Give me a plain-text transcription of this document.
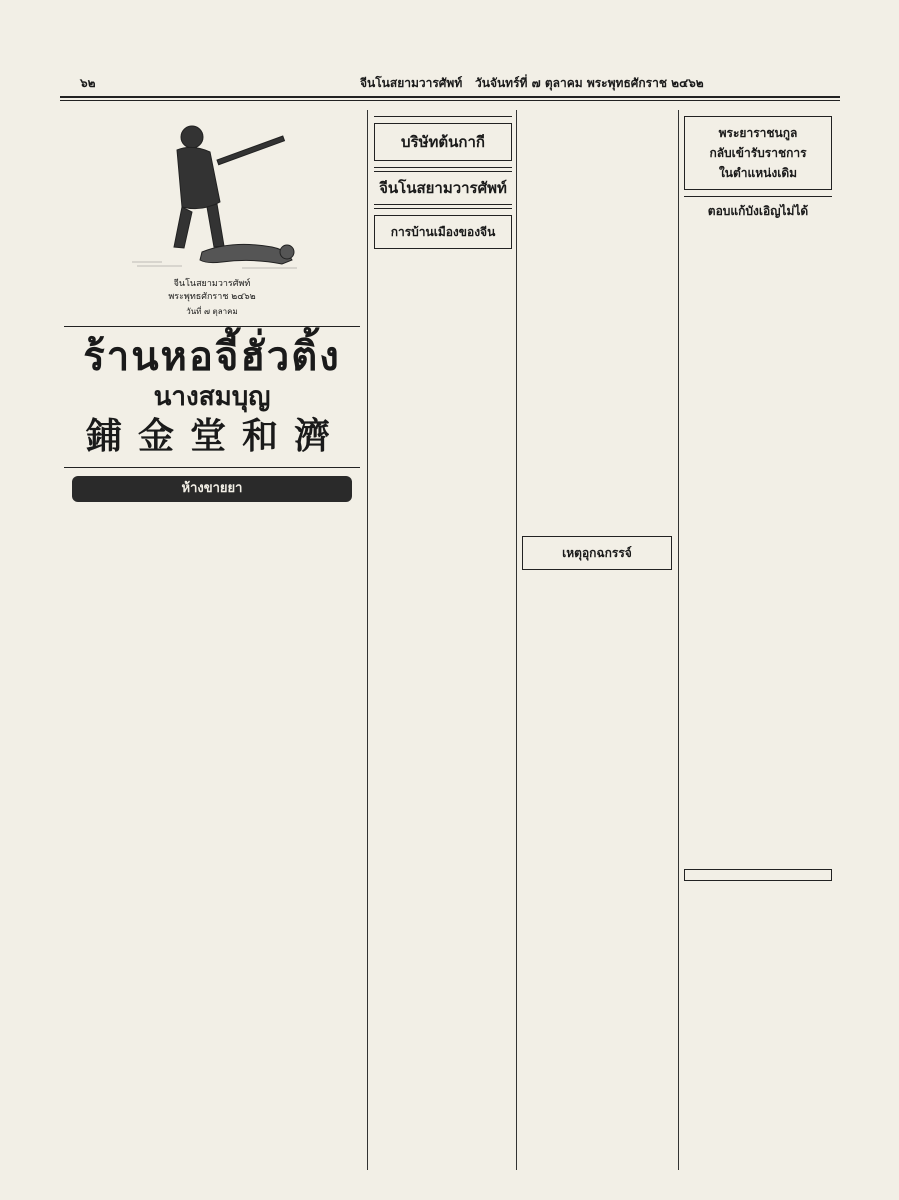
๖๒	จีนโนสยามวารศัพท์ วันจันทร์ที่ ๗ ตุลาคม พระพุทธศักราช ๒๔๖๒

จีนโนสยามวารศัพท์

พระพุทธศักราช ๒๔๖๒

วันที่ ๗ ตุลาคม

ร้านหอจี้ฮั่วติ้ง

นางสมบุญ

鋪 金 堂 和 濟

ห้างขายยา

บริษัทต้นกากี

จีนโนสยามวารศัพท์

การบ้านเมืองของจีน

เหตุอุกฉกรรจ์

พระยาราชนกูล

กลับเข้ารับราชการ

ในตำแหน่งเดิม

ตอบแก้บังเอิญไม่ได้
